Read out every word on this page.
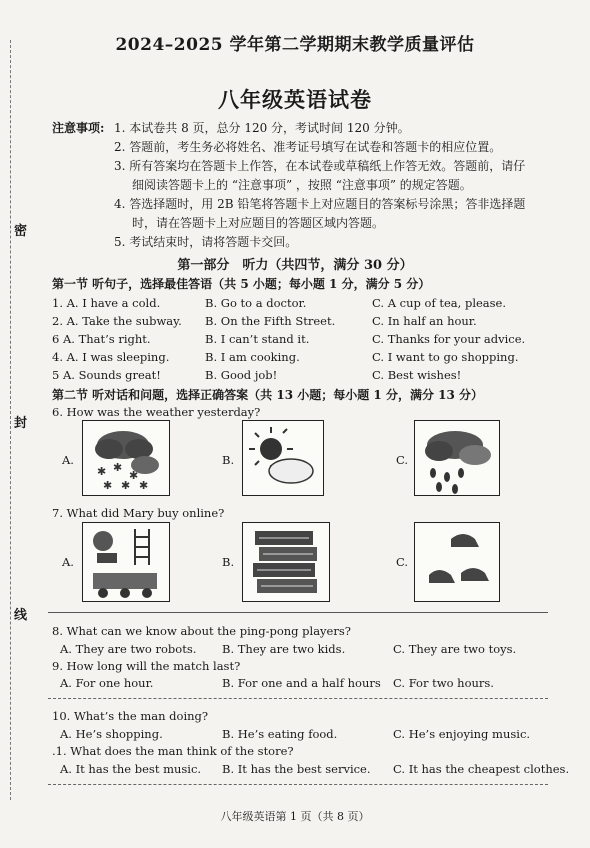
密
封
线
2024–2025 学年第二学期期末教学质量评估
八年级英语试卷
注意事项: 1. 本试卷共 8 页，总分 120 分，考试时间 120 分钟。
2. 答题前，考生务必将姓名、准考证号填写在试卷和答题卡的相应位置。
3. 所有答案均在答题卡上作答，在本试卷或草稿纸上作答无效。答题前，请仔
细阅读答题卡上的 “注意事项” ，按照 “注意事项” 的规定答题。
4. 答选择题时，用 2B 铅笔将答题卡上对应题目的答案标号涂黑；答非选择题
时，请在答题卡上对应题目的答题区域内答题。
5. 考试结束时，请将答题卡交回。
第一部分　听力（共四节，满分 30 分）
第一节 听句子，选择最佳答语（共 5 小题；每小题 1 分，满分 5 分）
1. A. I have a cold.	B. Go to a doctor.	C. A cup of tea, please.
2. A. Take the subway. B. On the Fifth Street.	C. In half an hour.
6 A. That’s right.	B. I can’t stand it.	C. Thanks for your advice.
4. A. I was sleeping.	B. I am cooking.	C. I want to go shopping.
5 A. Sounds great!	B. Good job!	C. Best wishes!
第二节 听对话和问题，选择正确答案（共 13 小题；每小题 1 分，满分 13 分）
6. How was the weather yesterday?
A.
✱ ✱
✱
✱ ✱ ✱
B.	C.
7. What did Mary buy online?
A.	B.	C.
8. What can we know about the ping-pong players?
A. They are two robots. B. They are two kids.	C. They are two toys.
9. How long will the match last?
A. For one hour.	B. For one and a half hours C. For two hours.
10. What’s the man doing?
A. He’s shopping.	B. He’s eating food.	C. He’s enjoying music.
.1. What does the man think of the store?
A. It has the best music. B. It has the best service. C. It has the cheapest clothes.
八年级英语第 1 页（共 8 页）
